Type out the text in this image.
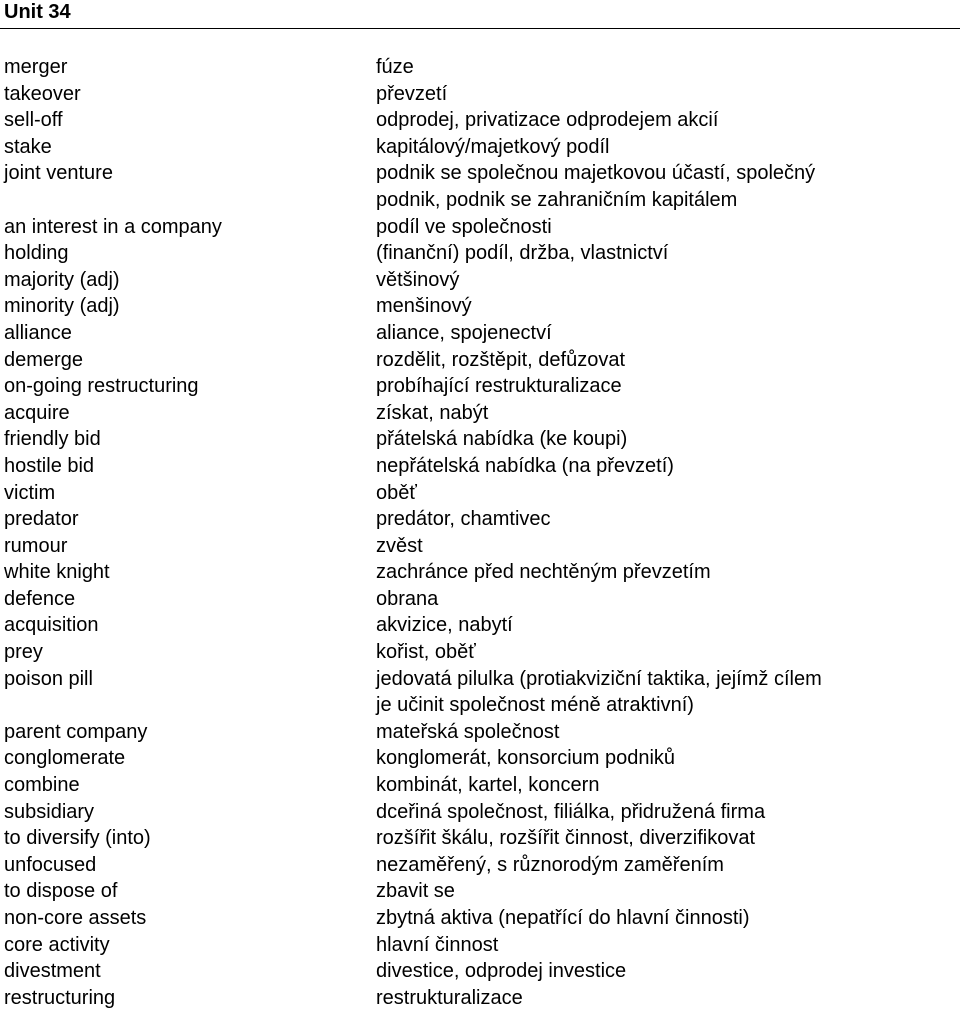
Unit 34
merger	fúze
takeover	převzetí
sell-off	odprodej, privatizace odprodejem akcií
stake	kapitálový/majetkový podíl
joint venture	podnik se společnou majetkovou účastí, společný
podnik, podnik se zahraničním kapitálem
an interest in a company	podíl ve společnosti
holding	(finanční) podíl, držba, vlastnictví
majority (adj)	většinový
minority (adj)	menšinový
alliance	aliance, spojenectví
demerge	rozdělit, rozštěpit, defůzovat
on-going restructuring	probíhající restrukturalizace
acquire	získat, nabýt
friendly bid	přátelská nabídka (ke koupi)
hostile bid	nepřátelská nabídka (na převzetí)
victim	oběť
predator	predátor, chamtivec
rumour	zvěst
white knight	zachránce před nechtěným převzetím
defence	obrana
acquisition	akvizice, nabytí
prey	kořist, oběť
poison pill	jedovatá pilulka (protiakviziční taktika, jejímž cílem
je učinit společnost méně atraktivní)
parent company	mateřská společnost
conglomerate	konglomerát, konsorcium podniků
combine	kombinát, kartel, koncern
subsidiary	dceřiná společnost, filiálka, přidružená firma
to diversify (into)	rozšířit škálu, rozšířit činnost, diverzifikovat
unfocused	nezaměřený, s různorodým zaměřením
to dispose of	zbavit se
non-core assets	zbytná aktiva (nepatřící do hlavní činnosti)
core activity	hlavní činnost
divestment	divestice, odprodej investice
restructuring	restrukturalizace
